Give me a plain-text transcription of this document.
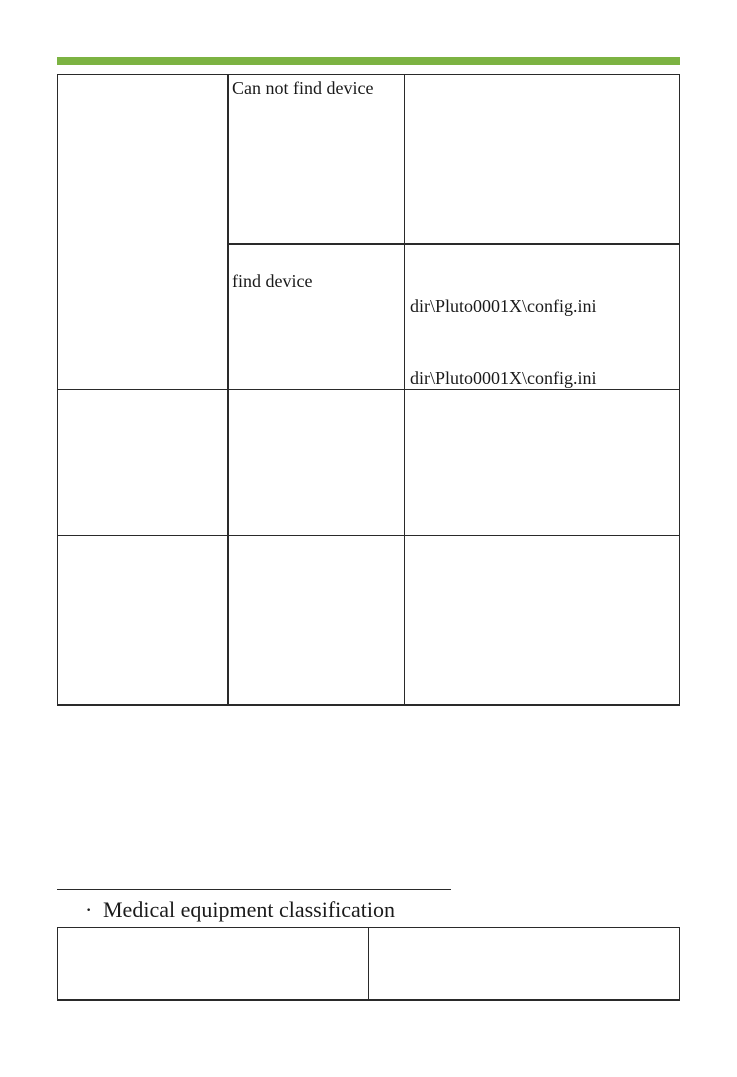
Can not find device
find device
dir\Pluto0001X\config.ini
dir\Pluto0001X\config.ini
· Medical equipment classification
